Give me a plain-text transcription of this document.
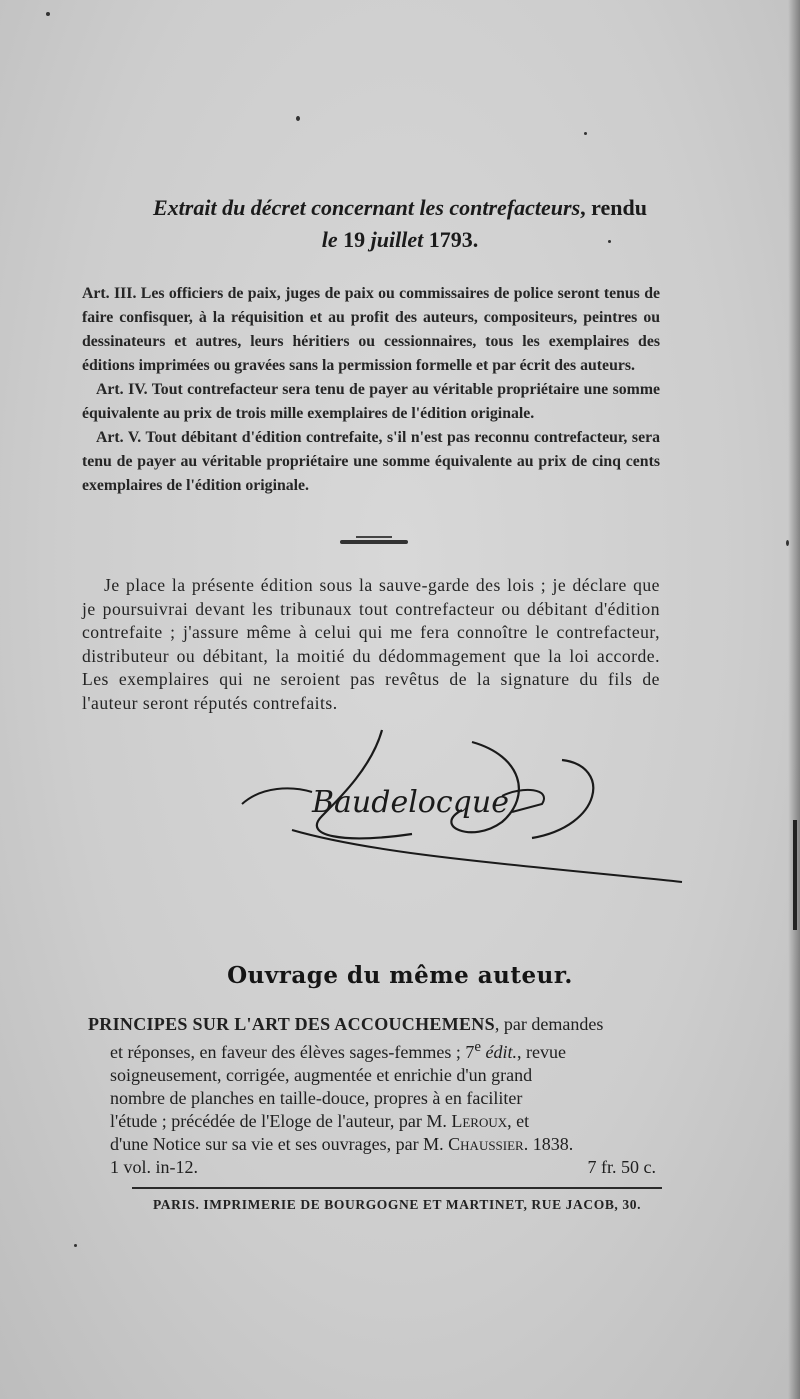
Extrait du décret concernant les contrefacteurs, rendu
le 19 juillet 1793.

Art. III. Les officiers de paix, juges de paix ou commissaires de police seront tenus de faire confisquer, à la réquisition et au profit des auteurs, compositeurs, peintres ou dessinateurs et autres, leurs héritiers ou cessionnaires, tous les exemplaires des éditions imprimées ou gravées sans la permission formelle et par écrit des auteurs.

Art. IV. Tout contrefacteur sera tenu de payer au véritable propriétaire une somme équivalente au prix de trois mille exemplaires de l'édition originale.

Art. V. Tout débitant d'édition contrefaite, s'il n'est pas reconnu contrefacteur, sera tenu de payer au véritable propriétaire une somme équivalente au prix de cinq cents exemplaires de l'édition originale.

Je place la présente édition sous la sauve-garde des lois ; je déclare que je poursuivrai devant les tribunaux tout contrefacteur ou débitant d'édition contrefaite ; j'assure même à celui qui me fera connoître le contrefacteur, distributeur ou débitant, la moitié du dédommagement que la loi accorde. Les exemplaires qui ne seroient pas revêtus de la signature du fils de l'auteur seront réputés contrefaits.
Baudelocque
Ouvrage du même auteur.
PRINCIPES SUR L'ART DES ACCOUCHEMENS, par demandes
et réponses, en faveur des élèves sages-femmes ; 7e édit., revue
soigneusement, corrigée, augmentée et enrichie d'un grand
nombre de planches en taille-douce, propres à en faciliter
l'étude ; précédée de l'Eloge de l'auteur, par M. Leroux, et
d'une Notice sur sa vie et ses ouvrages, par M. Chaussier. 1838.
1 vol. in-12.	7 fr. 50 c.
PARIS. IMPRIMERIE DE BOURGOGNE ET MARTINET, RUE JACOB, 30.
